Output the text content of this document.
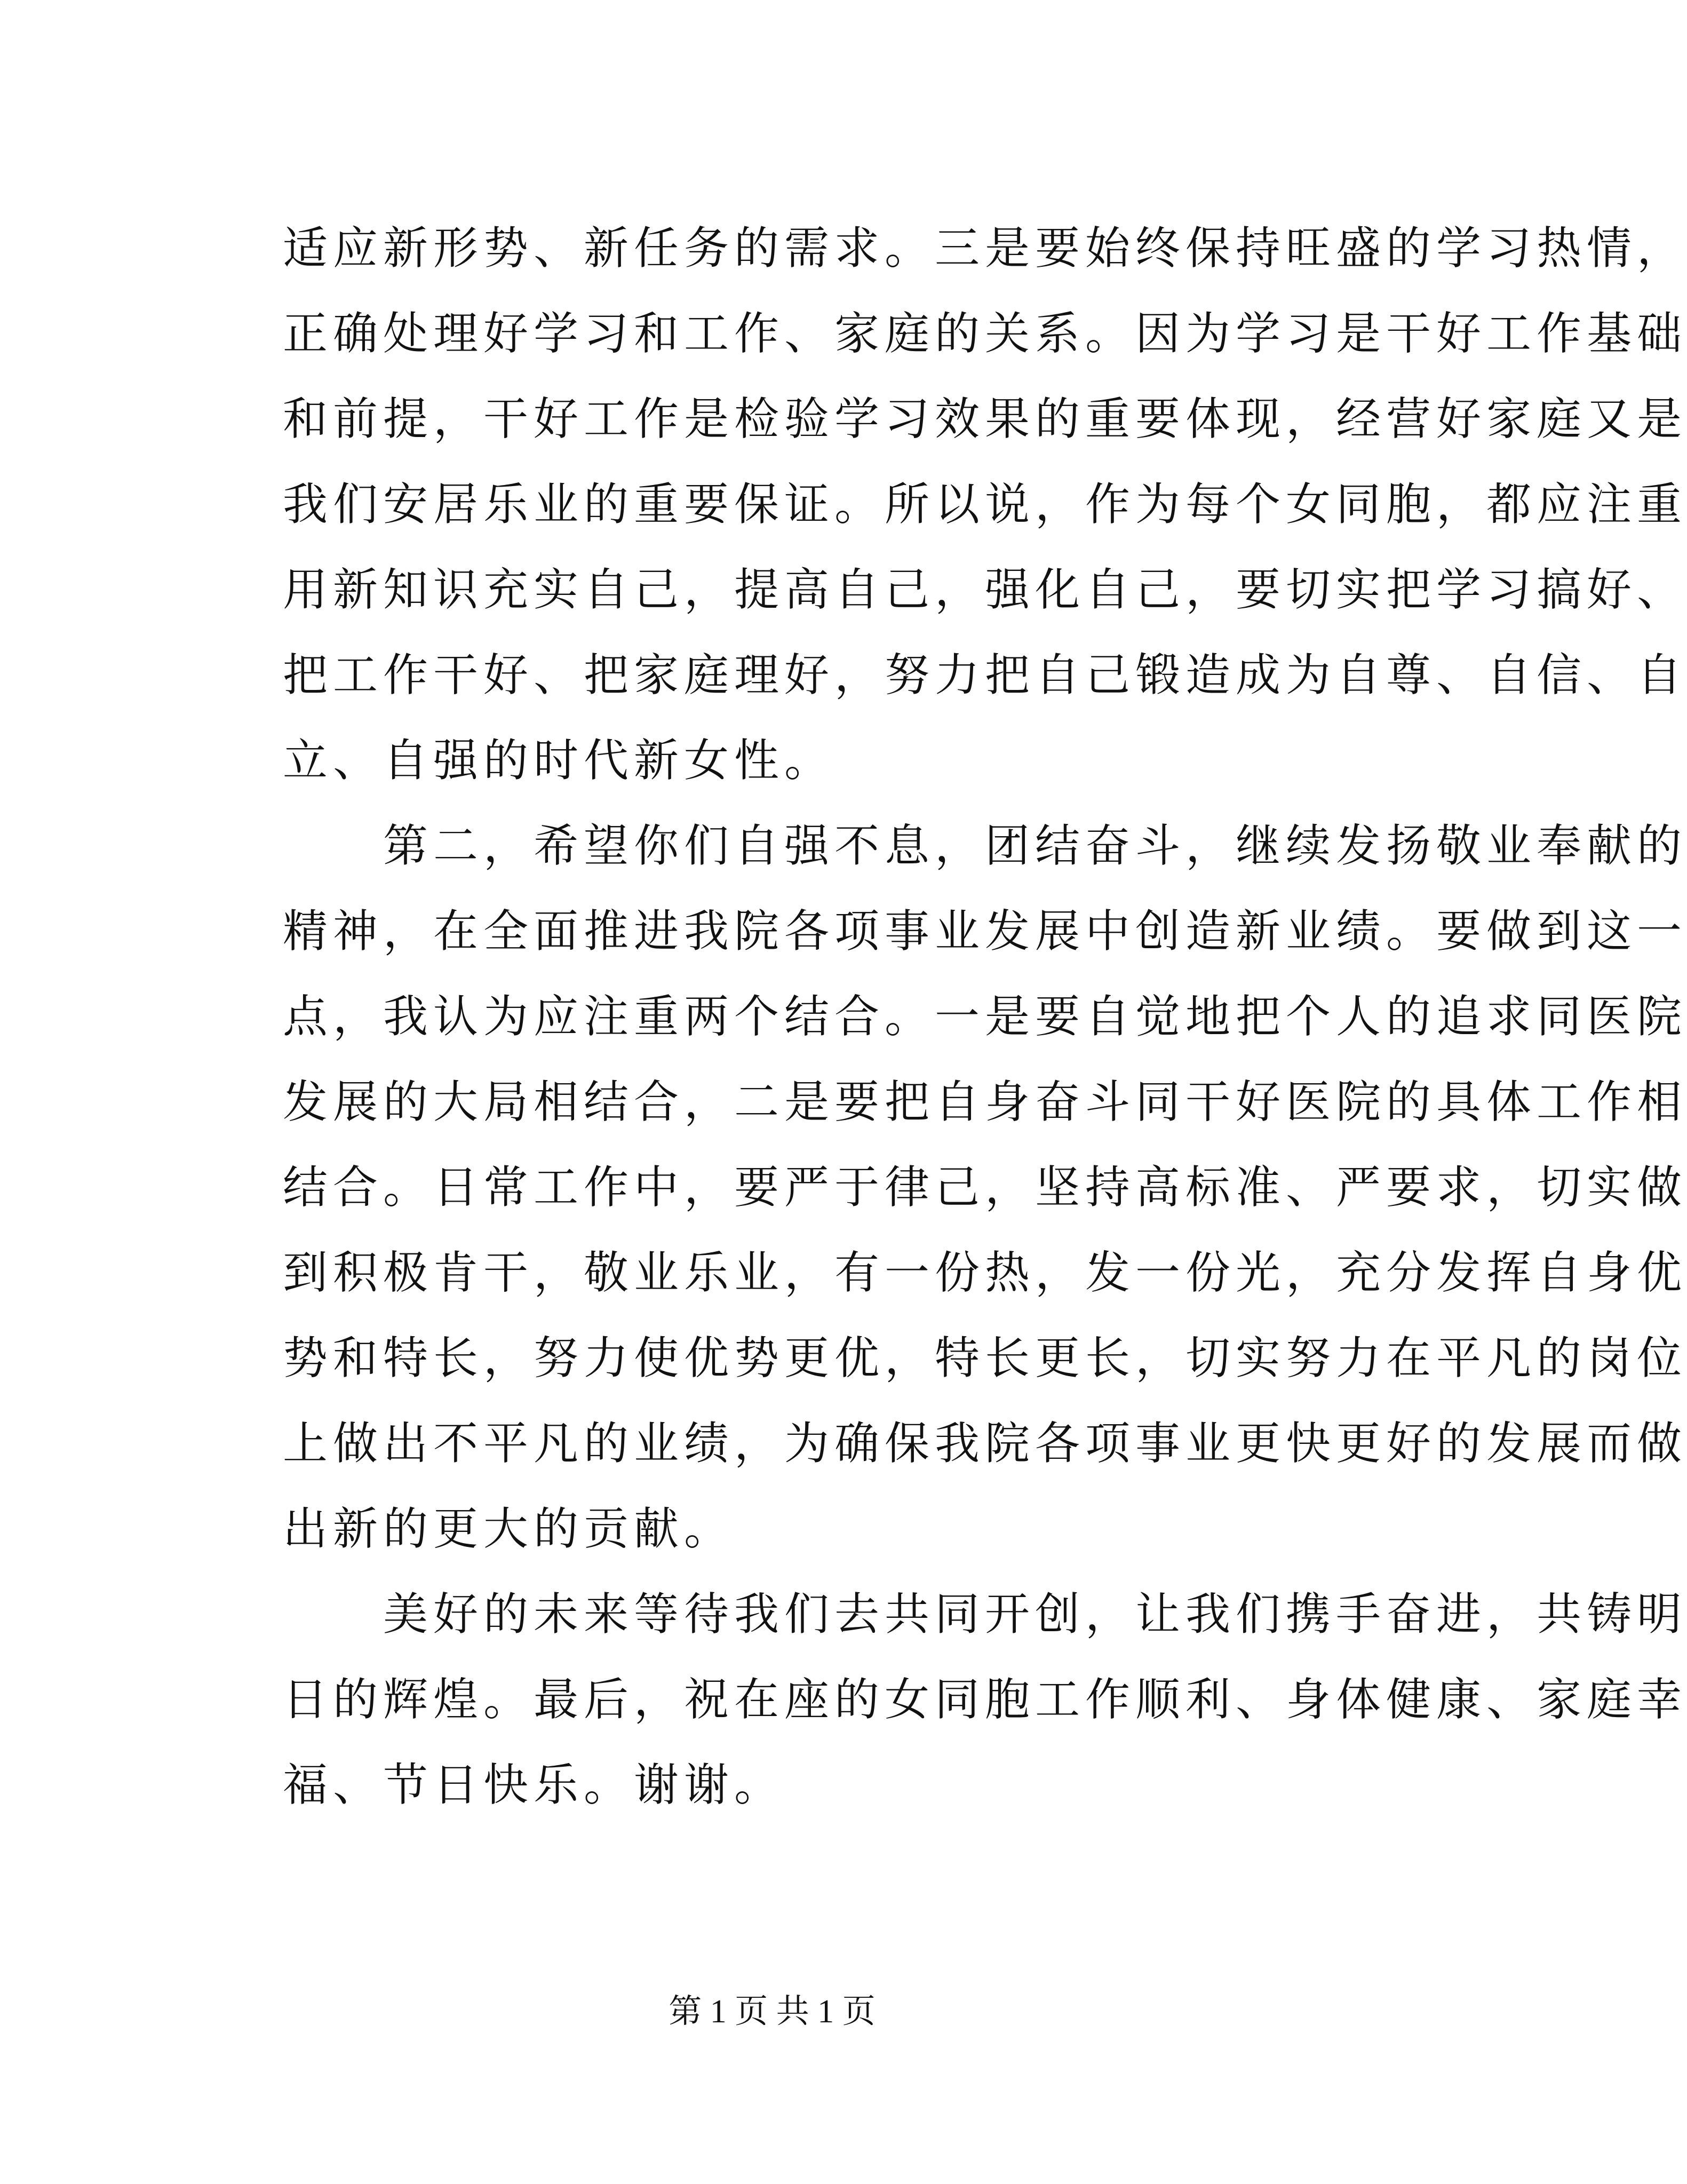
适应新形势、新任务的需求。三是要始终保持旺盛的学习热情，
正确处理好学习和工作、家庭的关系。因为学习是干好工作基础
和前提，干好工作是检验学习效果的重要体现，经营好家庭又是
我们安居乐业的重要保证。所以说，作为每个女同胞，都应注重
用新知识充实自己，提高自己，强化自己，要切实把学习搞好、
把工作干好、把家庭理好，努力把自己锻造成为自尊、自信、自
立、自强的时代新女性。
　　第二，希望你们自强不息，团结奋斗，继续发扬敬业奉献的
精神，在全面推进我院各项事业发展中创造新业绩。要做到这一
点，我认为应注重两个结合。一是要自觉地把个人的追求同医院
发展的大局相结合，二是要把自身奋斗同干好医院的具体工作相
结合。日常工作中，要严于律己，坚持高标准、严要求，切实做
到积极肯干，敬业乐业，有一份热，发一份光，充分发挥自身优
势和特长，努力使优势更优，特长更长，切实努力在平凡的岗位
上做出不平凡的业绩，为确保我院各项事业更快更好的发展而做
出新的更大的贡献。
　　美好的未来等待我们去共同开创，让我们携手奋进，共铸明
日的辉煌。最后，祝在座的女同胞工作顺利、身体健康、家庭幸
福、节日快乐。谢谢。
第 1 页 共 1 页
